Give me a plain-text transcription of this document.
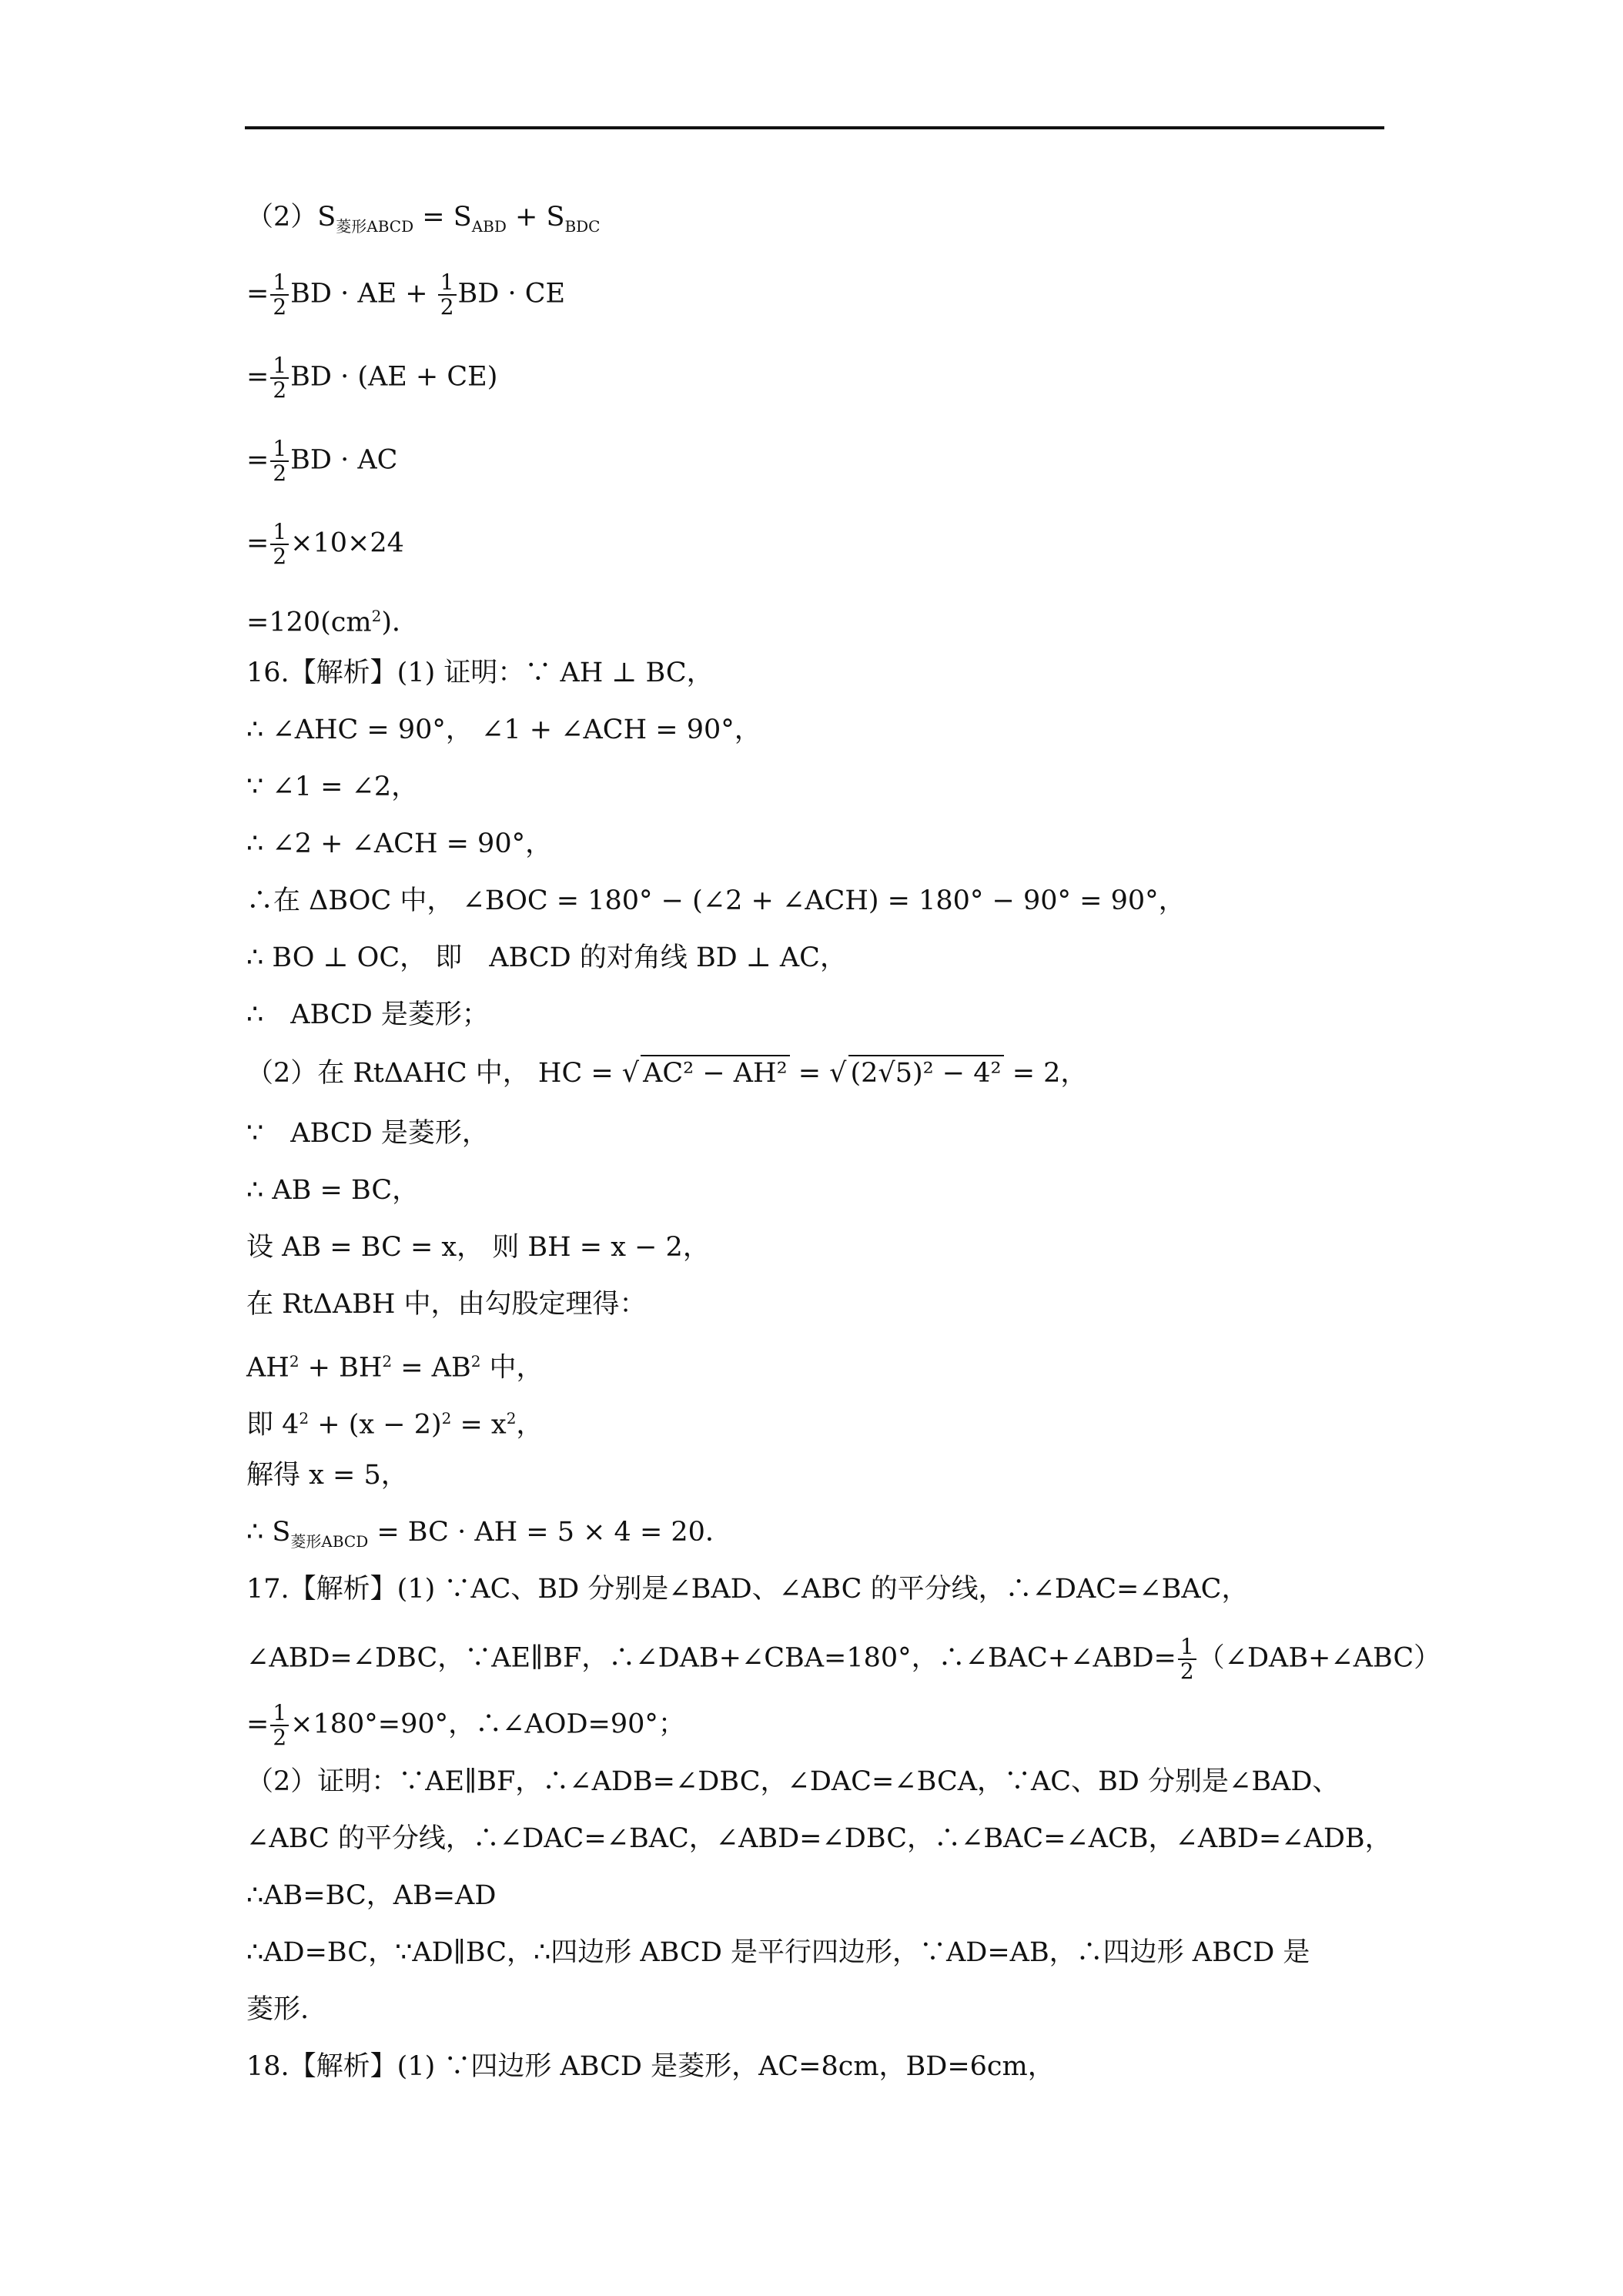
$(2)S_{菱形ABCD} = S_{ABD} + S_{BDC}$
= $\frac{1}{2}$ BD · AE + $\frac{1}{2}$ BD · CE
= $\frac{1}{2}$ BD · (AE + CE)
= $\frac{1}{2}$ BD · AC
= $\frac{1}{2} \times 10\times 24$
$=120(cm^2)$．
16.【解析】(1) 证明：∵ AH ⊥ BC，
∴ ∠AHC = 90°， ∠1 + ∠ACH = 90°，
∵ ∠1 = ∠2，
∴ ∠2 + ∠ACH = 90°，
∴在 ΔBOC 中， ∠BOC = 180° − (∠2 + ∠ACH) = 180° − 90° = 90°，
∴ BO ⊥ OC， 即　ABCD 的对角线 BD ⊥ AC，
∴　ABCD 是菱形；
（2）在 RtΔAHC 中， HC = √ AC² − AH² = √ (2√5)² − 4² = 2，
∵　ABCD 是菱形，
∴ AB = BC，
设 AB = BC = x， 则 BH = x − 2，
在 RtΔABH 中，由勾股定理得：
$AH^2 + BH^2 = AB^2$ 中，
即 $4^2 + (x - 2)^2 = x^2$，
解得 x = 5，
∴ $S_{菱形ABCD}$ = BC · AH = 5 × 4 = 20．
17.【解析】(1) ∵AC、BD 分别是∠BAD、∠ABC 的平分线，∴∠DAC=∠BAC，
∠ABD=∠DBC，∵AE∥BF，∴∠DAB+∠CBA=180°，∴∠BAC+∠ABD= $\frac{1}{2}$ （∠DAB+∠ABC）
= $\frac{1}{2} \times 180^\circ=90^\circ$，∴∠AOD=90°；
（2）证明：∵AE∥BF，∴∠ADB=∠DBC，∠DAC=∠BCA，∵AC、BD 分别是∠BAD、
∠ABC 的平分线，∴∠DAC=∠BAC，∠ABD=∠DBC，∴∠BAC=∠ACB，∠ABD=∠ADB，
∴AB=BC，AB=AD
∴AD=BC，∵AD∥BC，∴四边形 ABCD 是平行四边形，∵AD=AB，∴四边形 ABCD 是
菱形.
18.【解析】(1) ∵四边形 ABCD 是菱形，AC=8cm，BD=6cm，
